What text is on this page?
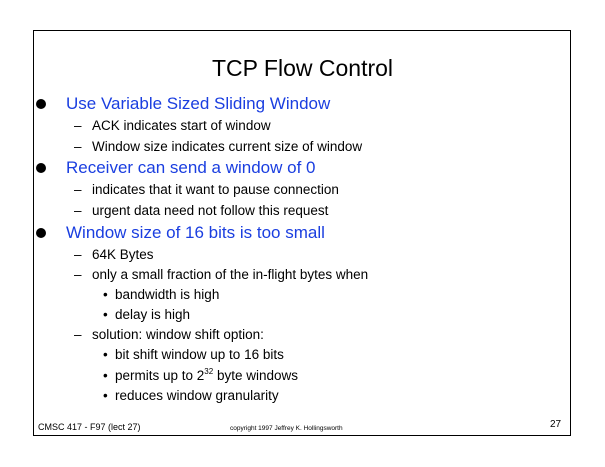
TCP Flow Control
Use Variable Sized Sliding Window
– ACK indicates start of window
– Window size indicates current size of window
Receiver can send a window of 0
– indicates that it want to pause connection
– urgent data need not follow this request
Window size of 16 bits is too small
– 64K Bytes
– only a small fraction of the in-flight bytes when
• bandwidth is high
• delay is high
– solution: window shift option:
• bit shift window up to 16 bits
• permits up to $2^{32}$ byte windows
• reduces window granularity
CMSC 417 - F97 (lect 27)	copyright 1997 Jeffrey K. Hollingsworth	27
